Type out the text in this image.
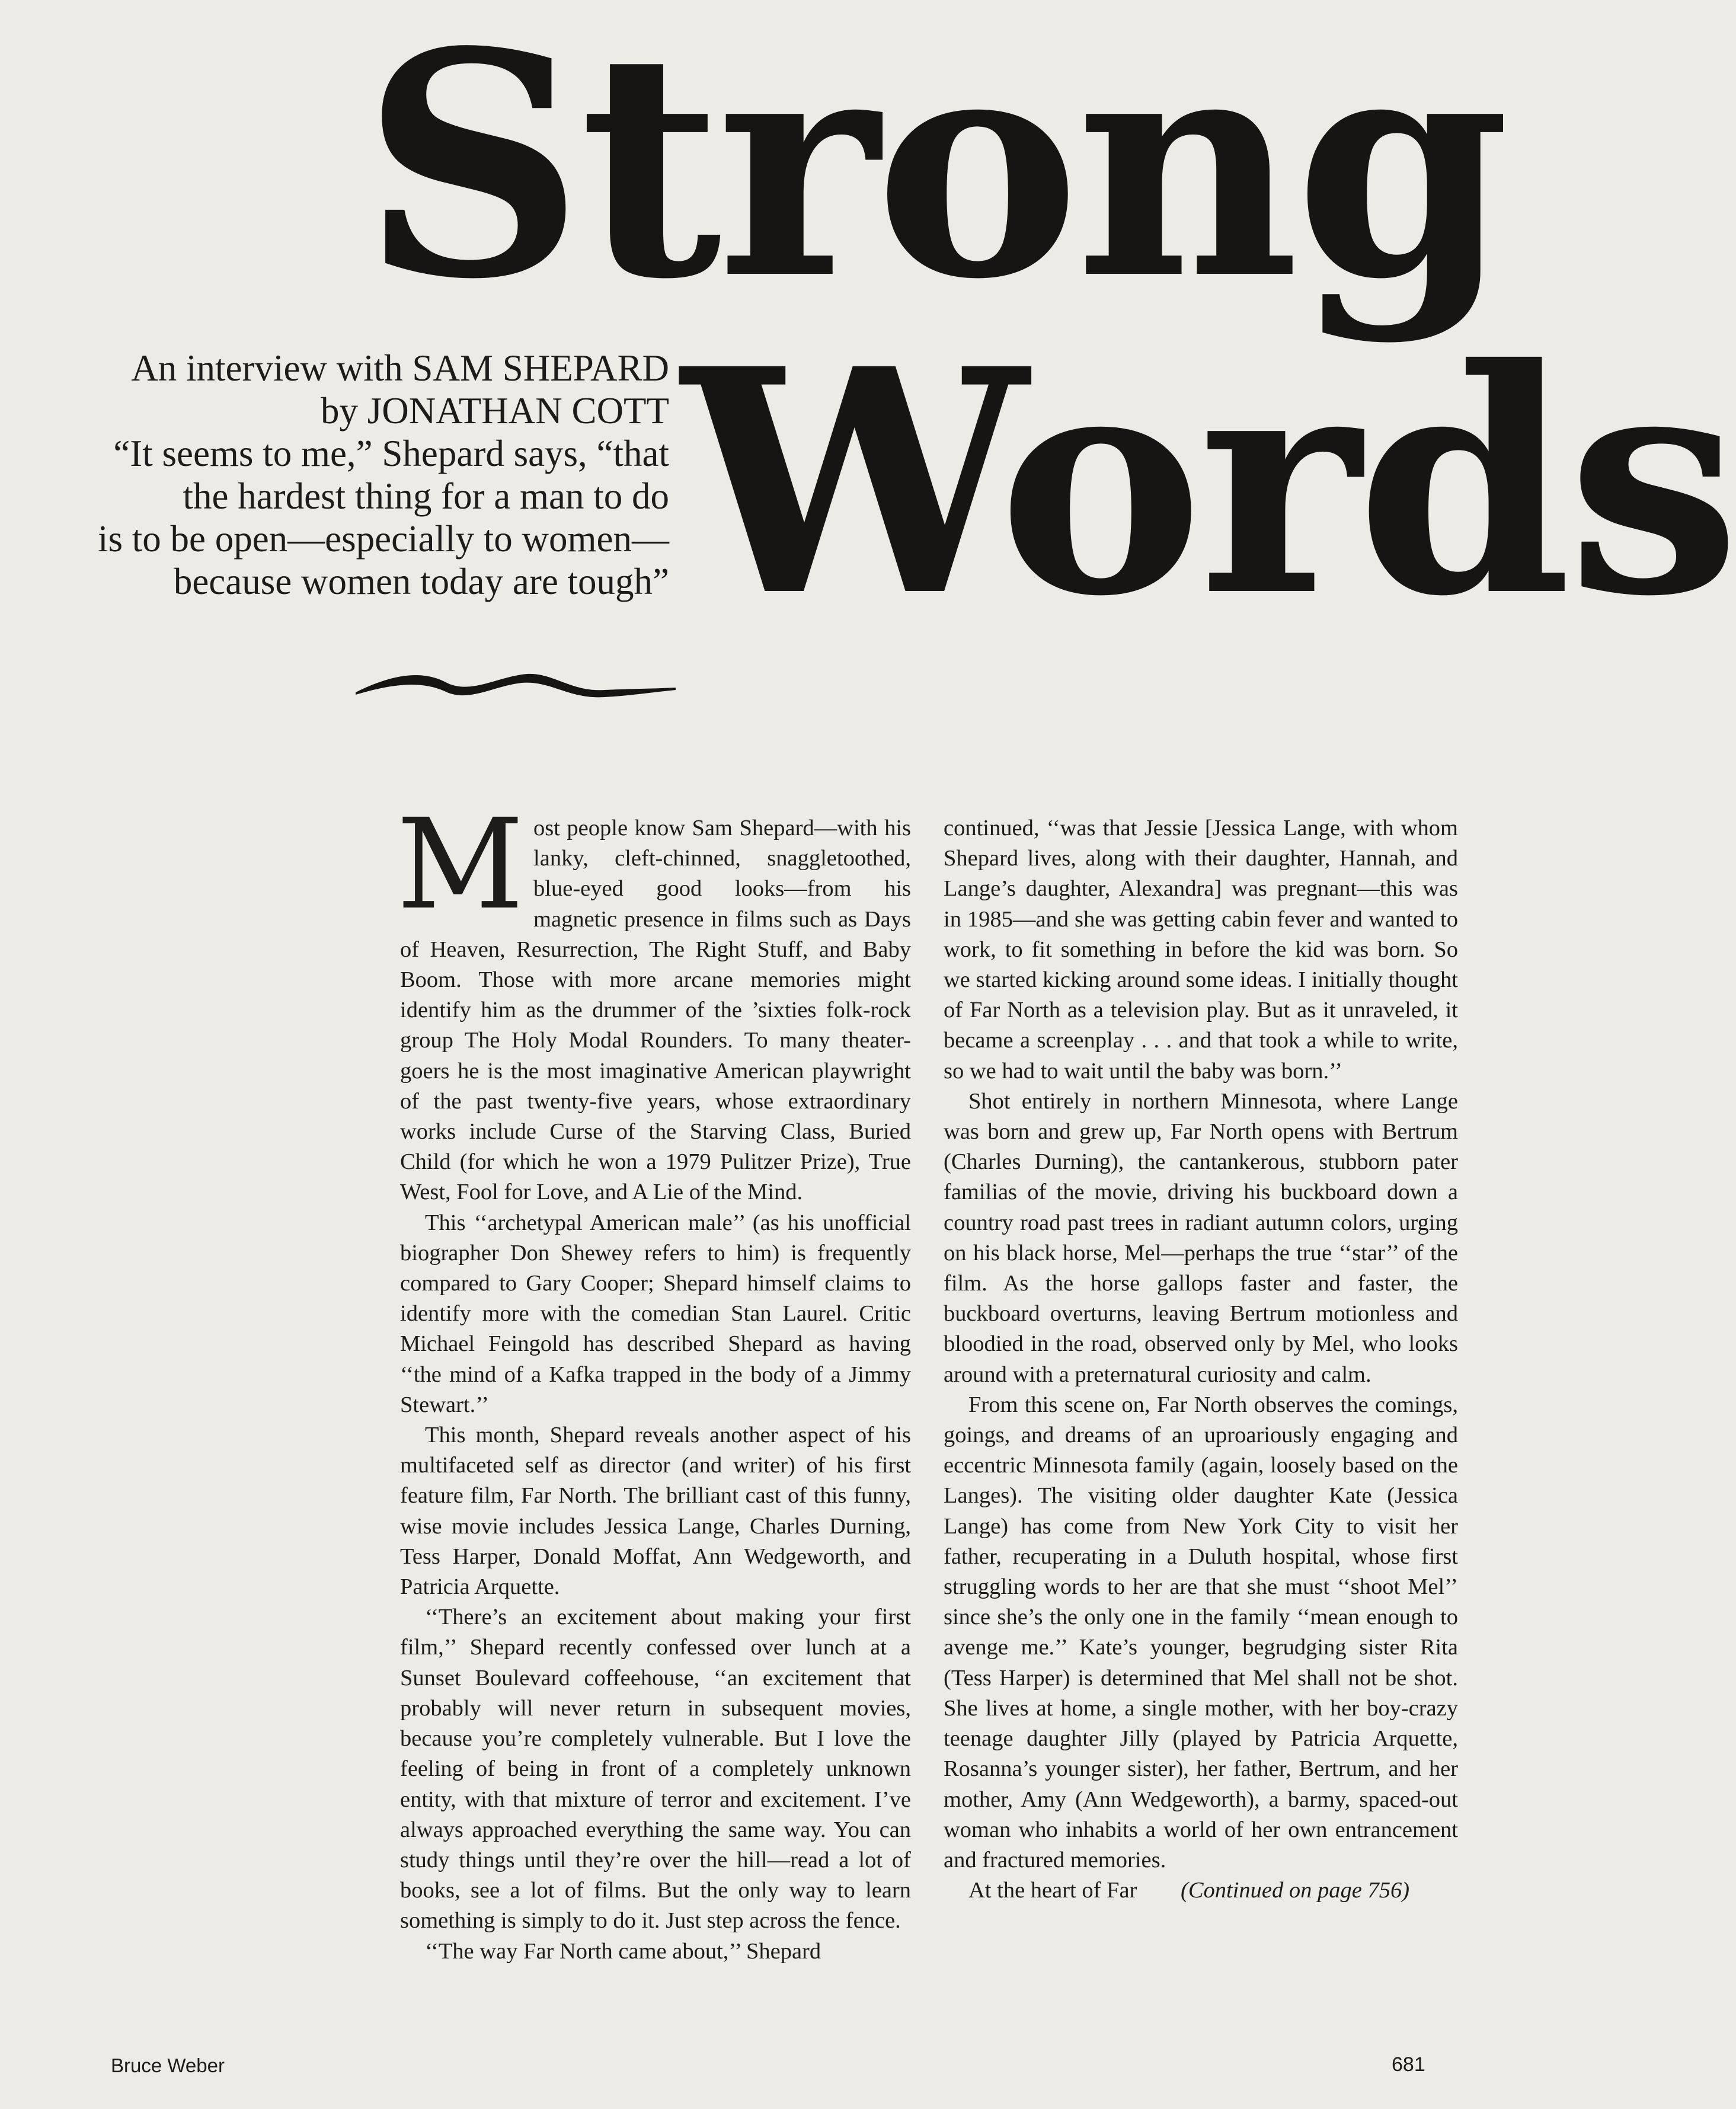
Strong
Words

An interview with SAM SHEPARD

by JONATHAN COTT

“It seems to me,” Shepard says, “that

the hardest thing for a man to do

is to be open—especially to women—

because women today are tough”

M ost people know Sam Shepard—with his lanky, cleft-chinned, snaggletoothed, blue-eyed good looks—from his magnetic presence in films such as Days of Heaven, Resurrection, The Right Stuff, and Baby Boom. Those with more arcane memories might identify him as the drummer of the ’sixties folk-rock group The Holy Modal Rounders. To many theater-goers he is the most imaginative American playwright of the past twenty-five years, whose extraordinary works include Curse of the Starving Class, Buried Child (for which he won a 1979 Pulitzer Prize), True West, Fool for Love, and A Lie of the Mind.

This ‘‘archetypal American male’’ (as his unofficial biographer Don Shewey refers to him) is frequently compared to Gary Cooper; Shepard himself claims to identify more with the comedian Stan Laurel. Critic Michael Feingold has described Shepard as having ‘‘the mind of a Kafka trapped in the body of a Jimmy Stewart.’’

This month, Shepard reveals another aspect of his multifaceted self as director (and writer) of his first feature film, Far North. The brilliant cast of this funny, wise movie includes Jessica Lange, Charles Durning, Tess Harper, Donald Moffat, Ann Wedgeworth, and Patricia Arquette.

‘‘There’s an excitement about making your first film,’’ Shepard recently confessed over lunch at a Sunset Boulevard coffeehouse, ‘‘an excitement that probably will never return in subsequent movies, because you’re completely vulnerable. But I love the feeling of being in front of a completely unknown entity, with that mixture of terror and excitement. I’ve always approached everything the same way. You can study things until they’re over the hill—read a lot of books, see a lot of films. But the only way to learn something is simply to do it. Just step across the fence.

‘‘The way Far North came about,’’ Shepard

continued, ‘‘was that Jessie [Jessica Lange, with whom Shepard lives, along with their daughter, Hannah, and Lange’s daughter, Alexandra] was pregnant—this was in 1985—and she was getting cabin fever and wanted to work, to fit something in before the kid was born. So we started kicking around some ideas. I initially thought of Far North as a television play. But as it unraveled, it became a screenplay . . . and that took a while to write, so we had to wait until the baby was born.’’

Shot entirely in northern Minnesota, where Lange was born and grew up, Far North opens with Bertrum (Charles Durning), the cantankerous, stubborn pater familias of the movie, driving his buckboard down a country road past trees in radiant autumn colors, urging on his black horse, Mel—perhaps the true ‘‘star’’ of the film. As the horse gallops faster and faster, the buckboard overturns, leaving Bertrum motionless and bloodied in the road, observed only by Mel, who looks around with a preternatural curiosity and calm.

From this scene on, Far North observes the comings, goings, and dreams of an uproariously engaging and eccentric Minnesota family (again, loosely based on the Langes). The visiting older daughter Kate (Jessica Lange) has come from New York City to visit her father, recuperating in a Duluth hospital, whose first struggling words to her are that she must ‘‘shoot Mel’’ since she’s the only one in the family ‘‘mean enough to avenge me.’’ Kate’s younger, begrudging sister Rita (Tess Harper) is determined that Mel shall not be shot. She lives at home, a single mother, with her boy-crazy teenage daughter Jilly (played by Patricia Arquette, Rosanna’s younger sister), her father, Bertrum, and her mother, Amy (Ann Wedgeworth), a barmy, spaced-out woman who inhabits a world of her own entrancement and fractured memories.

At the heart of Far (Continued on page 756)

Bruce Weber	681
